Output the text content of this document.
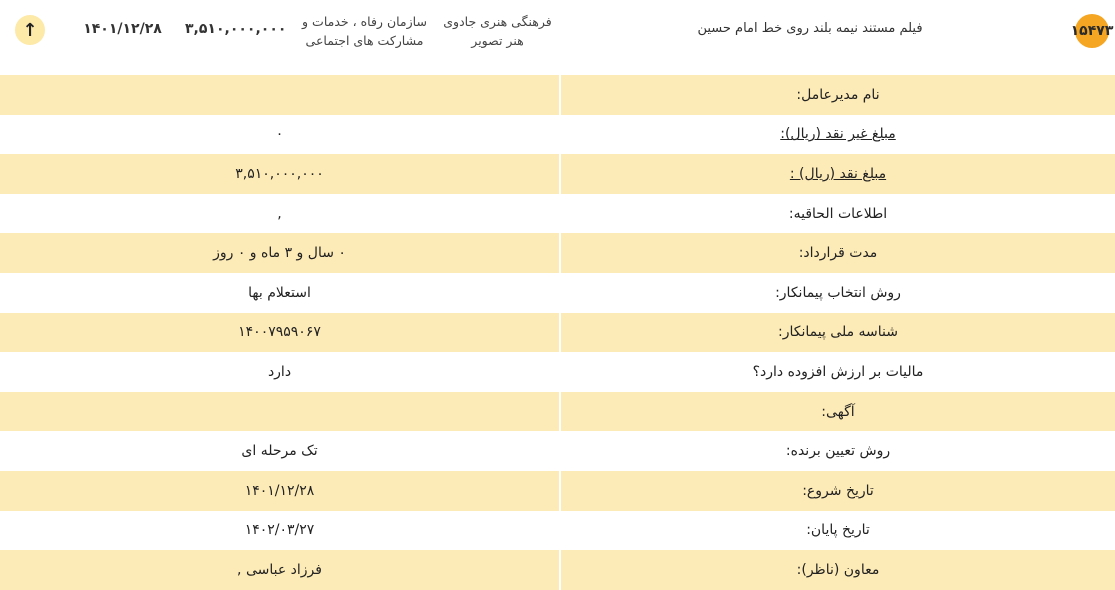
۱۵۴۷۳
فیلم مستند نیمه بلند روی خط امام حسین
فرهنگی هنری جادوی
هنر تصویر
سازمان رفاه ، خدمات و
مشارکت های اجتماعی
۳,۵۱۰,۰۰۰,۰۰۰
۱۴۰۱/۱۲/۲۸
↑
نام مدیرعامل:
مبلغ غیر نقد (ریال):
۰
مبلغ نقد (ریال) :
۳,۵۱۰,۰۰۰,۰۰۰
اطلاعات الحاقیه:
,
مدت قرارداد:
۰ سال و ۳ ماه و ۰ روز
روش انتخاب پیمانکار:
استعلام بها
شناسه ملی پیمانکار:
۱۴۰۰۷۹۵۹۰۶۷
مالیات بر ارزش افزوده دارد؟
دارد
آگهی:
روش تعیین برنده:
تک مرحله ای
تاریخ شروع:
۱۴۰۱/۱۲/۲۸
تاریخ پایان:
۱۴۰۲/۰۳/۲۷
معاون (ناظر):
فرزاد عباسی ,
